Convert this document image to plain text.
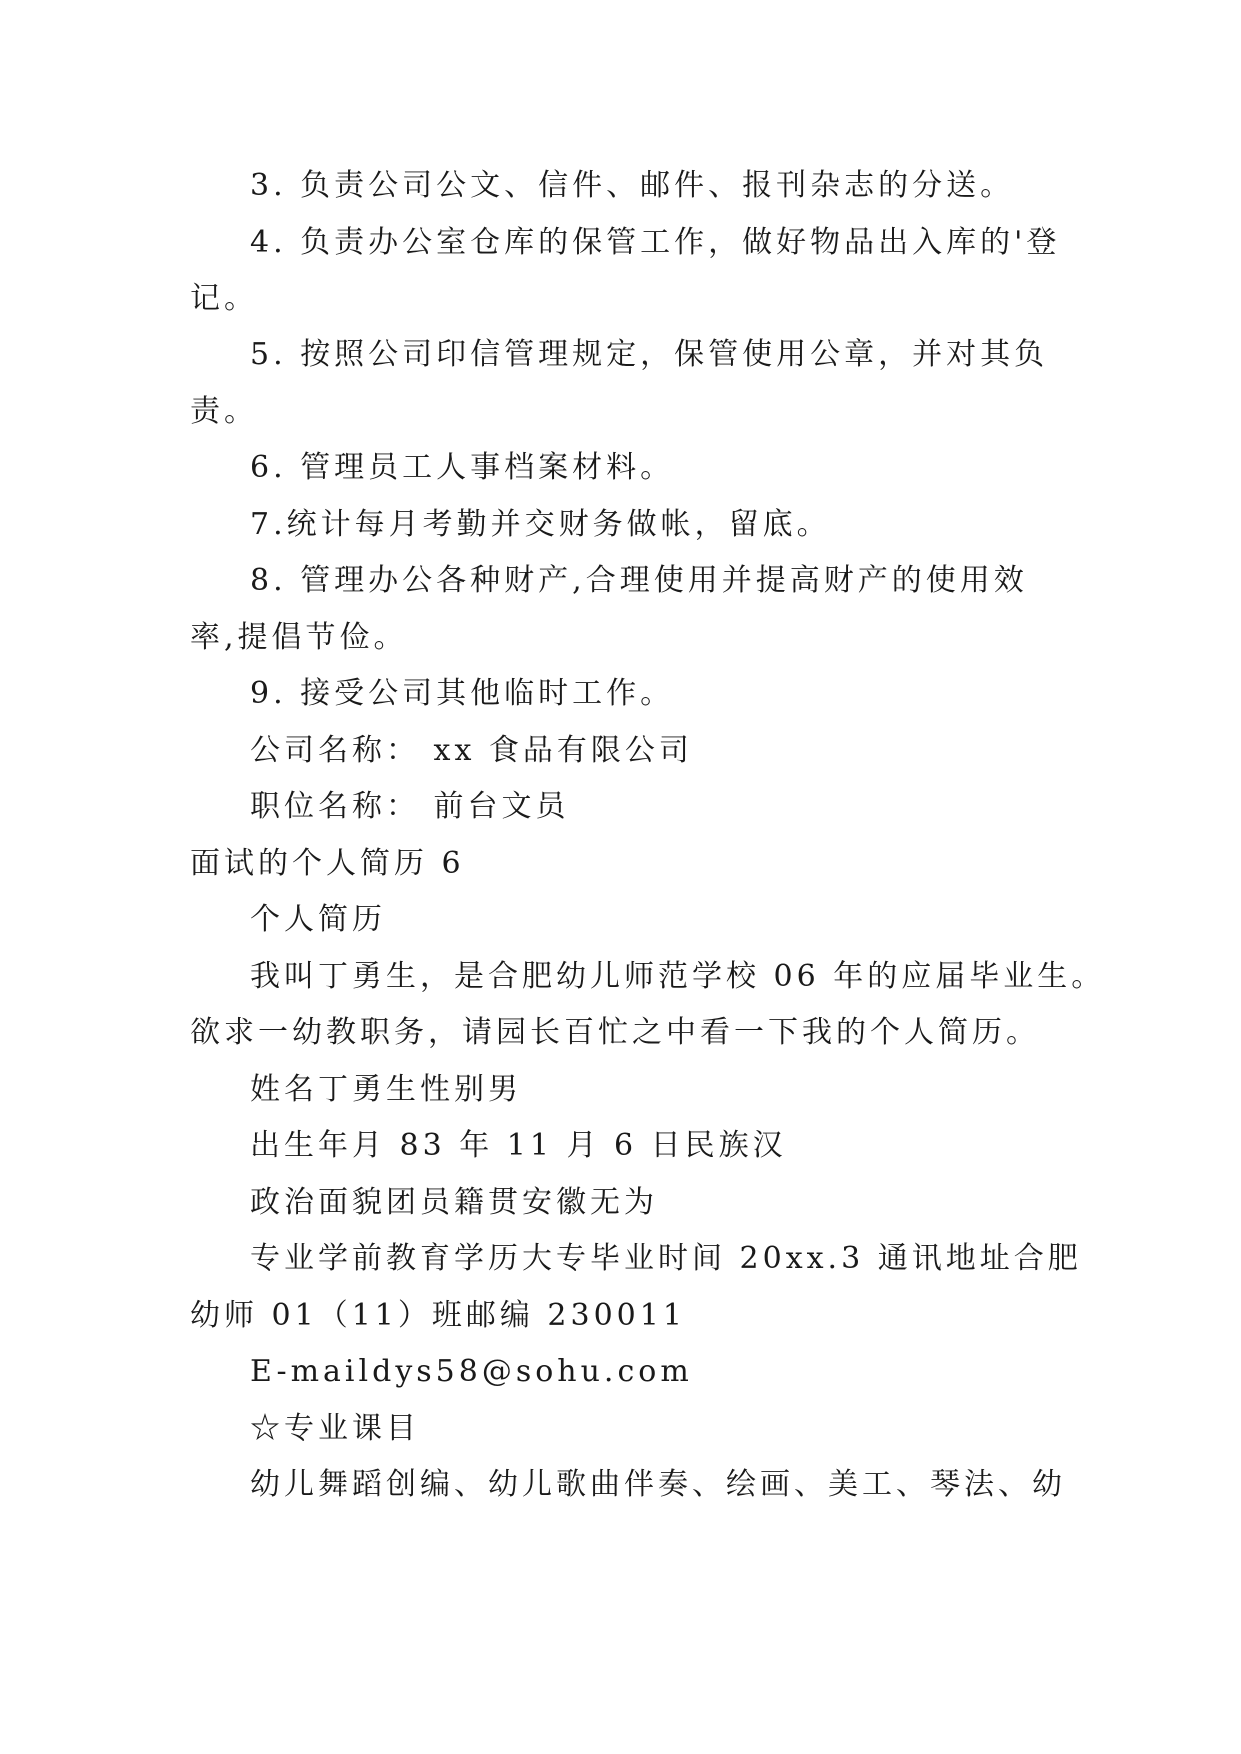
3. 负责公司公文、信件、邮件、报刊杂志的分送。
4. 负责办公室仓库的保管工作，做好物品出入库的'登
记。
5. 按照公司印信管理规定，保管使用公章，并对其负
责。
6. 管理员工人事档案材料。
7.统计每月考勤并交财务做帐，留底。
8. 管理办公各种财产,合理使用并提高财产的使用效
率,提倡节俭。
9. 接受公司其他临时工作。
公司名称： xx 食品有限公司
职位名称： 前台文员
面试的个人简历 6
个人简历
我叫丁勇生，是合肥幼儿师范学校 06 年的应届毕业生。
欲求一幼教职务，请园长百忙之中看一下我的个人简历。
姓名丁勇生性别男
出生年月 83 年 11 月 6 日民族汉
政治面貌团员籍贯安徽无为
专业学前教育学历大专毕业时间 20xx.3 通讯地址合肥
幼师 01（11）班邮编 230011
E-maildys58@sohu.com
☆专业课目
幼儿舞蹈创编、幼儿歌曲伴奏、绘画、美工、琴法、幼
